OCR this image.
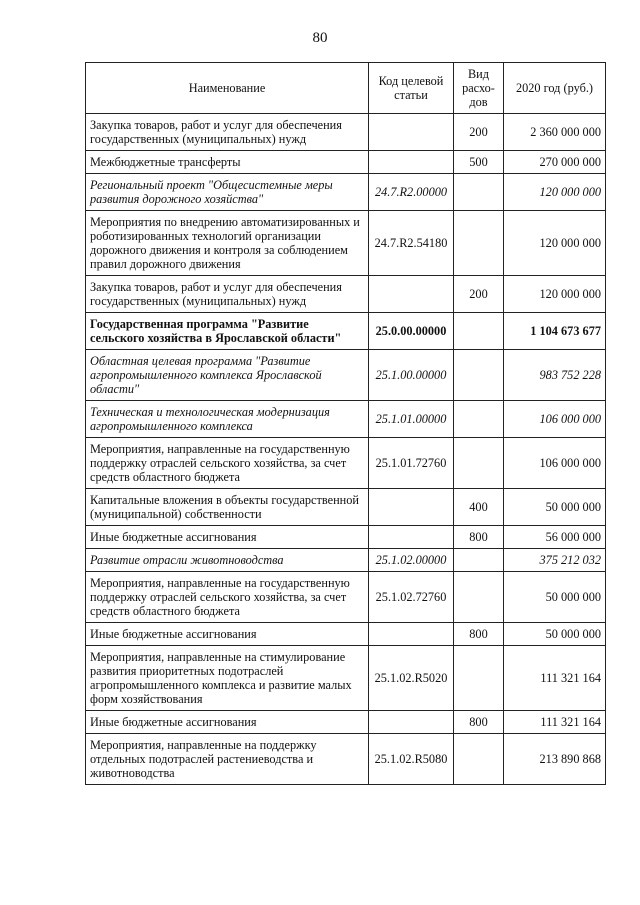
80
Наименование	Код целевой статьи	Вид расхо-дов	2020 год (руб.)
Закупка товаров, работ и услуг для обеспечения государственных (муниципальных) нужд		200	2 360 000 000
Межбюджетные трансферты		500	270 000 000
Региональный проект "Общесистемные меры развития дорожного хозяйства"	24.7.R2.00000		120 000 000
Мероприятия по внедрению автоматизированных и роботизированных технологий организации дорожного движения и контроля за соблюдением правил дорожного движения	24.7.R2.54180		120 000 000
Закупка товаров, работ и услуг для обеспечения государственных (муниципальных) нужд		200	120 000 000
Государственная программа "Развитие сельского хозяйства в Ярославской области"	25.0.00.00000		1 104 673 677
Областная целевая программа "Развитие агропромышленного комплекса Ярославской области"	25.1.00.00000		983 752 228
Техническая и технологическая модернизация агропромышленного комплекса	25.1.01.00000		106 000 000
Мероприятия, направленные на государственную поддержку отраслей сельского хозяйства, за счет средств областного бюджета	25.1.01.72760		106 000 000
Капитальные вложения в объекты государственной (муниципальной) собственности		400	50 000 000
Иные бюджетные ассигнования		800	56 000 000
Развитие отрасли животноводства	25.1.02.00000		375 212 032
Мероприятия, направленные на государственную поддержку отраслей сельского хозяйства, за счет средств областного бюджета	25.1.02.72760		50 000 000
Иные бюджетные ассигнования		800	50 000 000
Мероприятия, направленные на стимулирование развития приоритетных подотраслей агропромышленного комплекса и развитие малых форм хозяйствования	25.1.02.R5020		111 321 164
Иные бюджетные ассигнования		800	111 321 164
Мероприятия, направленные на поддержку отдельных подотраслей растениеводства и животноводства	25.1.02.R5080		213 890 868
